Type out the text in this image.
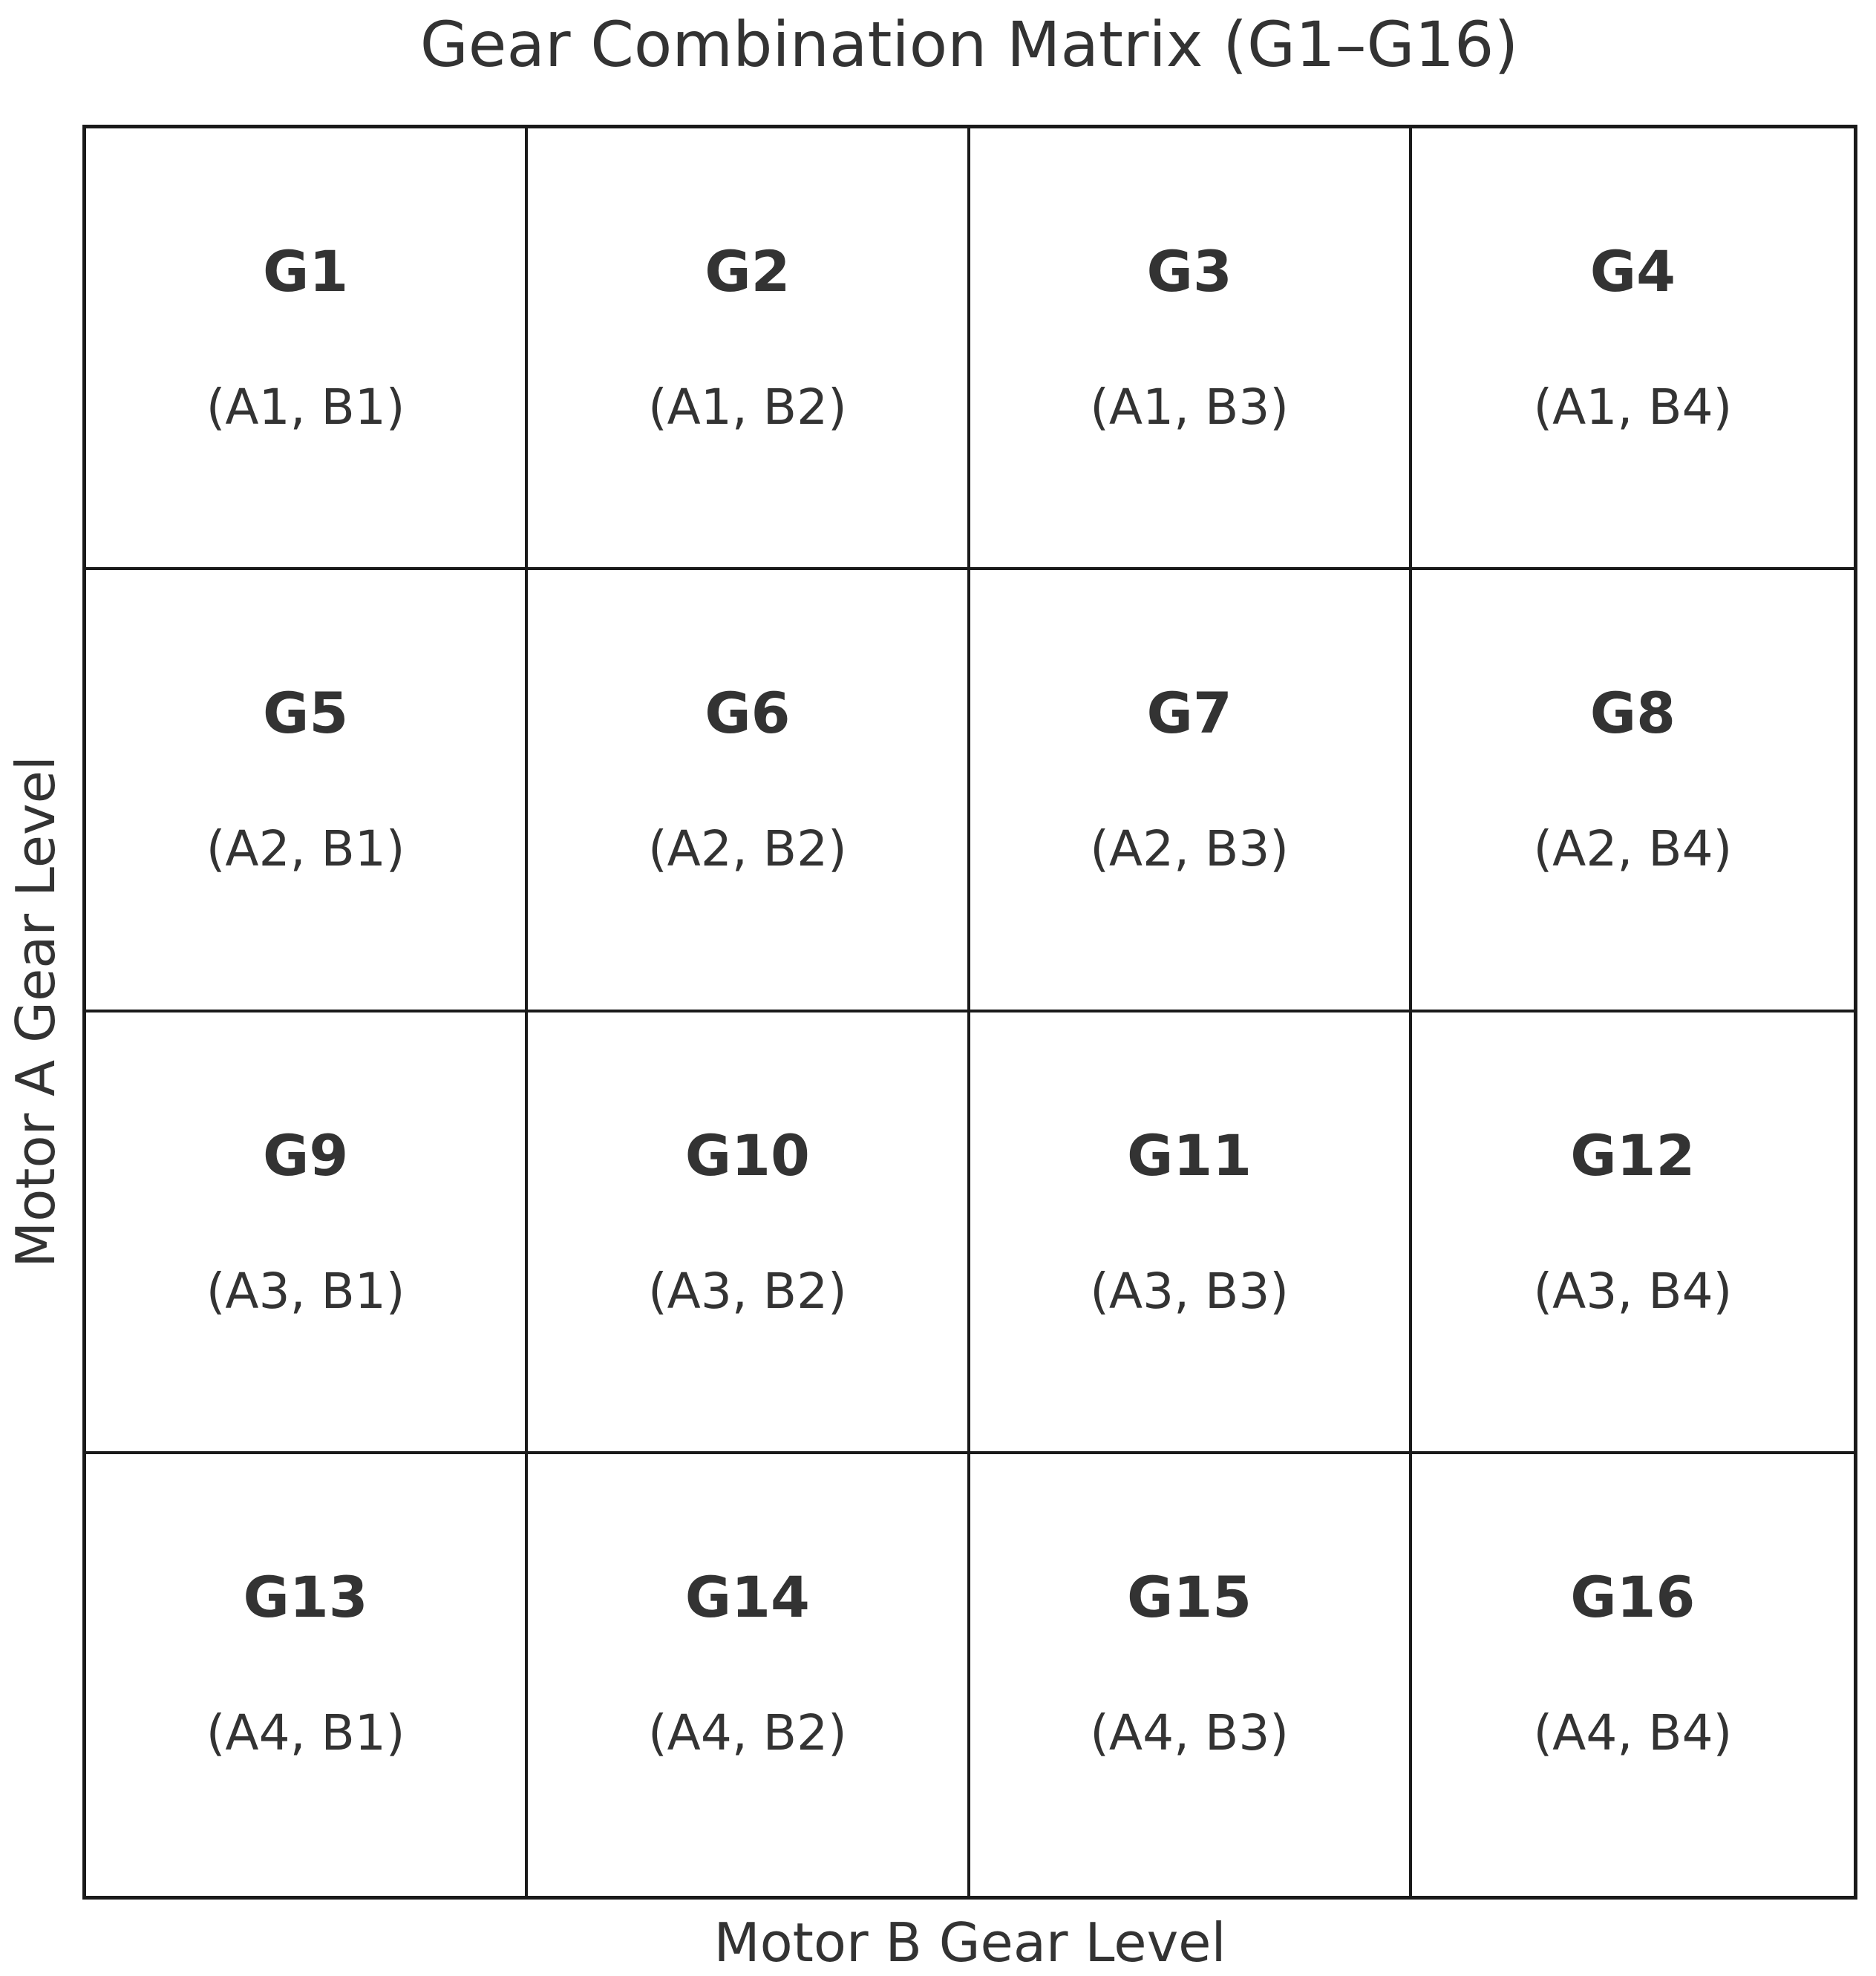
Gear Combination Matrix (G1–G16)
G1
(A1, B1)
G2
(A1, B2)
G3
(A1, B3)
G4
(A1, B4)
G5
(A2, B1)
G6
(A2, B2)
G7
(A2, B3)
G8
(A2, B4)
G9
(A3, B1)
G10
(A3, B2)
G11
(A3, B3)
G12
(A3, B4)
G13
(A4, B1)
G14
(A4, B2)
G15
(A4, B3)
G16
(A4, B4)
Motor A Gear Level
Motor B Gear Level
